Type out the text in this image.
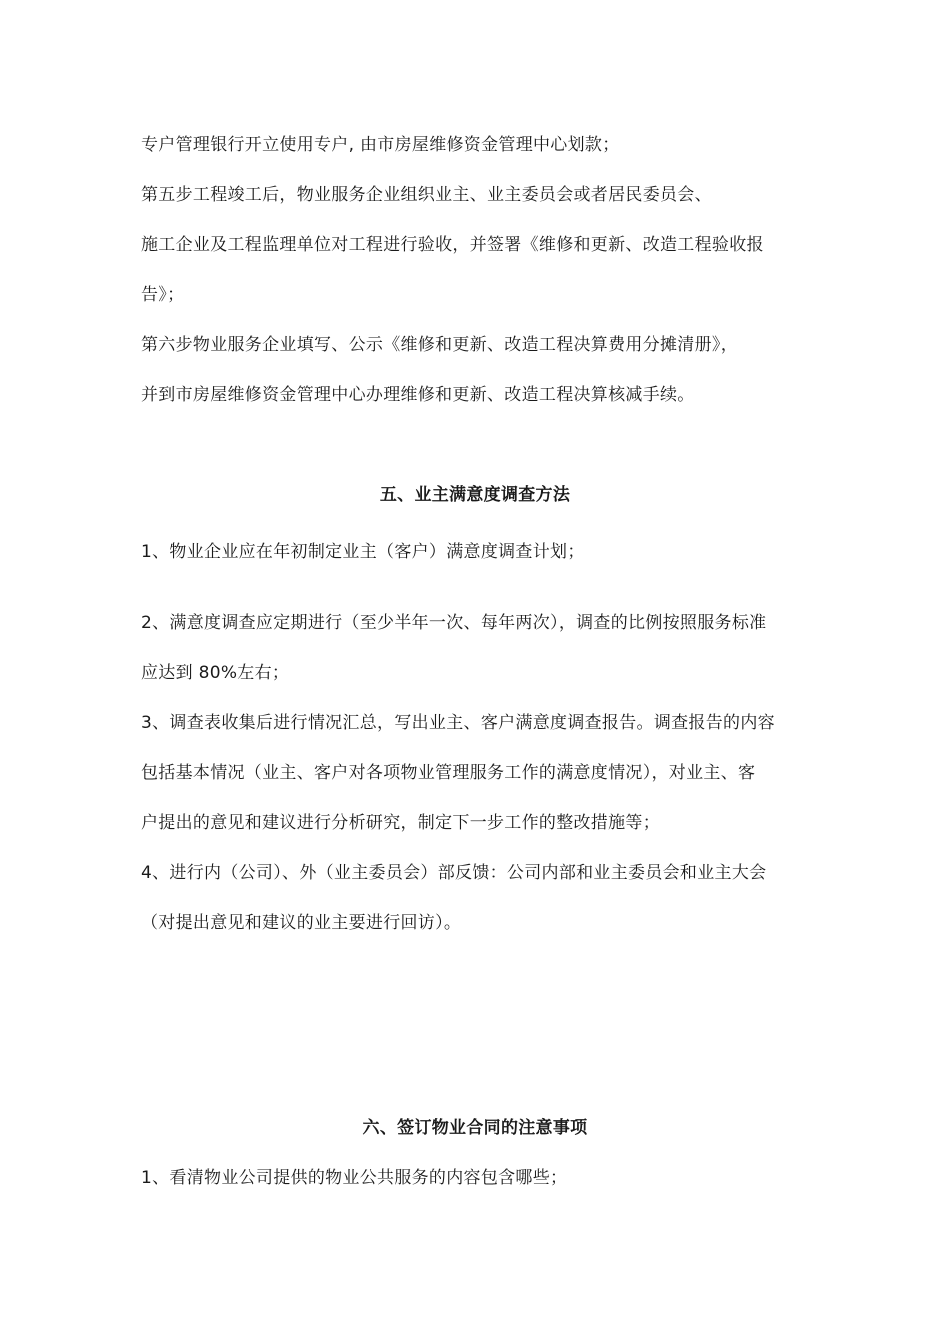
专户管理银行开立使用专户, 由市房屋维修资金管理中心划款；
第五步工程竣工后，物业服务企业组织业主、业主委员会或者居民委员会、
施工企业及工程监理单位对工程进行验收，并签署《维修和更新、改造工程验收报
告》；
第六步物业服务企业填写、公示《维修和更新、改造工程决算费用分摊清册》，
并到市房屋维修资金管理中心办理维修和更新、改造工程决算核减手续。
五、业主满意度调查方法
1、物业企业应在年初制定业主（客户）满意度调查计划；
2、满意度调查应定期进行（至少半年一次、每年两次），调查的比例按照服务标准
应达到 80%左右；
3、调查表收集后进行情况汇总，写出业主、客户满意度调查报告。调查报告的内容
包括基本情况（业主、客户对各项物业管理服务工作的满意度情况），对业主、客
户提出的意见和建议进行分析研究，制定下一步工作的整改措施等；
4、进行内（公司）、外（业主委员会）部反馈：公司内部和业主委员会和业主大会
（对提出意见和建议的业主要进行回访）。
六、签订物业合同的注意事项
1、看清物业公司提供的物业公共服务的内容包含哪些；
